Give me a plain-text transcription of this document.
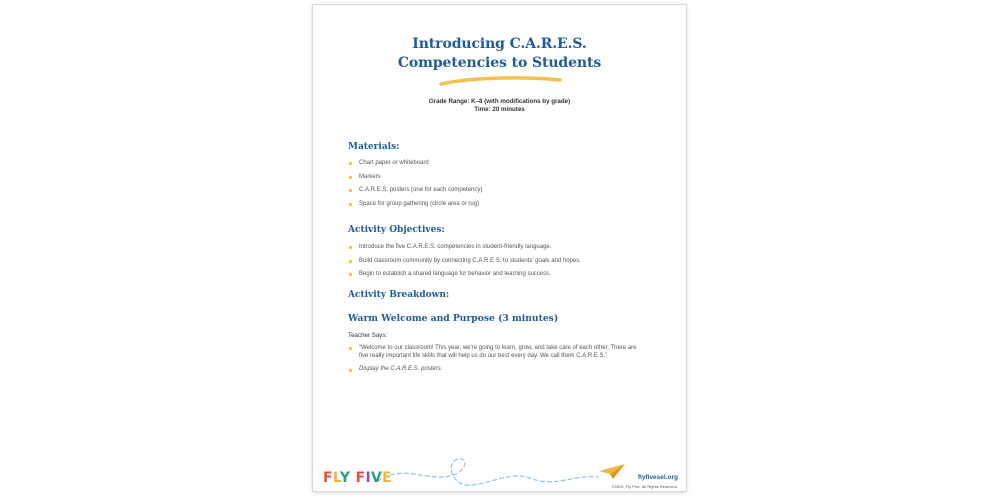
Introducing C.A.R.E.S.
Competencies to Students
Grade Range: K–8 (with modifications by grade)
Time: 20 minutes
Materials:
Chart paper or whiteboard
Markers
C.A.R.E.S. posters (one for each competency)
Space for group gathering (circle area or rug)
Activity Objectives:
Introduce the five C.A.R.E.S. competencies in student-friendly language.
Build classroom community by connecting C.A.R.E.S. to students’ goals and hopes.
Begin to establish a shared language for behavior and learning success.
Activity Breakdown:
Warm Welcome and Purpose (3 minutes)
Teacher Says:
“Welcome to our classroom! This year, we’re going to learn, grow, and take care of each other. There are five really important life skills that will help us do our best every day. We call them C.A.R.E.S.”
Display the C.A.R.E.S. posters.
FLY FIVE	flyfivesel.org
©2025, Fly Five. All Rights Reserved.
